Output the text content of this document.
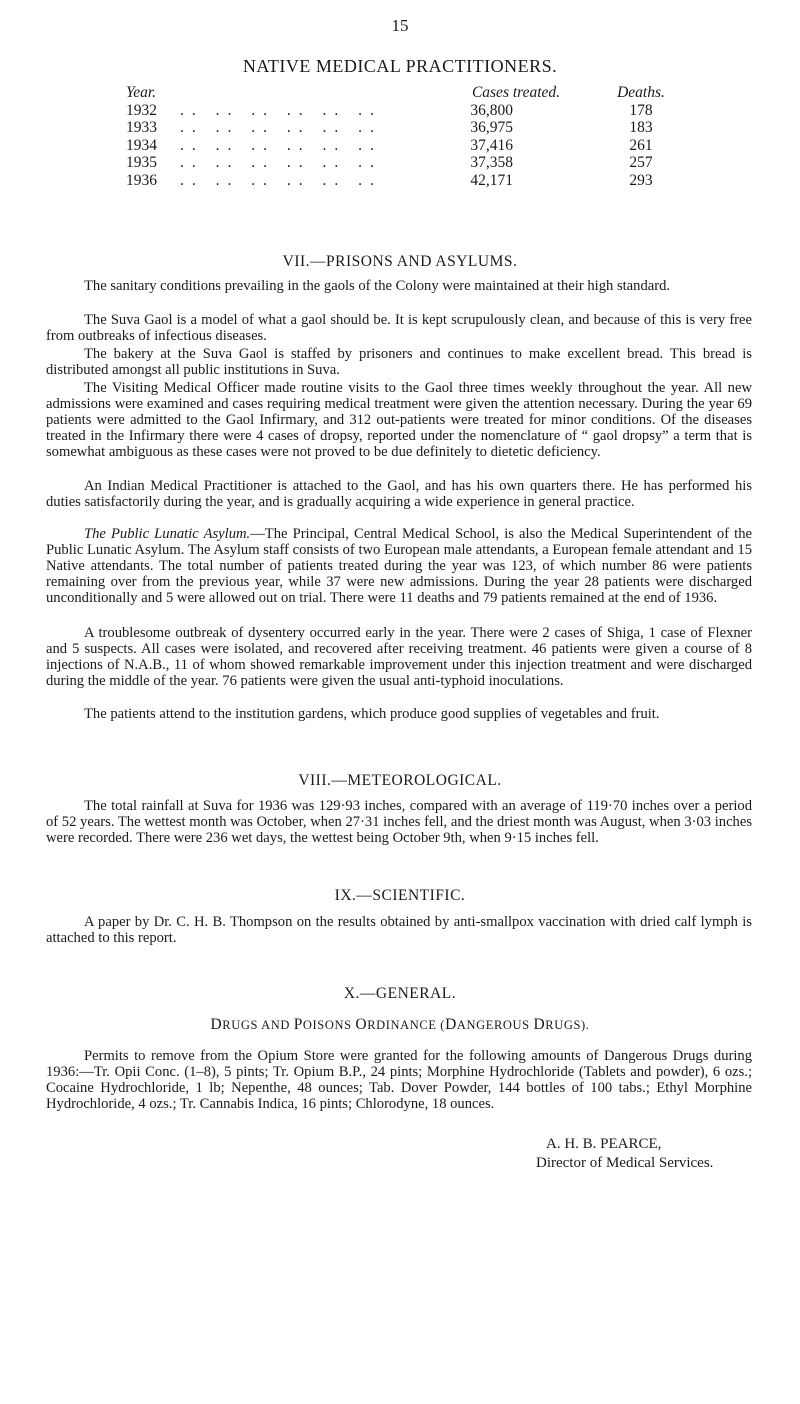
15
NATIVE MEDICAL PRACTITIONERS.
Year.	Cases treated.	Deaths.
1932 .. .. .. .. .. ..	36,800	178
1933 .. .. .. .. .. ..	36,975	183
1934 .. .. .. .. .. ..	37,416	261
1935 .. .. .. .. .. ..	37,358	257
1936 .. .. .. .. .. ..	42,171	293
VII.—PRISONS AND ASYLUMS.

The sanitary conditions prevailing in the gaols of the Colony were maintained at their high standard.

The Suva Gaol is a model of what a gaol should be. It is kept scrupulously clean, and because of this is very free from outbreaks of infectious diseases.

The bakery at the Suva Gaol is staffed by prisoners and continues to make excellent bread. This bread is distributed amongst all public institutions in Suva.

The Visiting Medical Officer made routine visits to the Gaol three times weekly throughout the year. All new admissions were examined and cases requiring medical treatment were given the attention necessary. During the year 69 patients were admitted to the Gaol Infirmary, and 312 out-patients were treated for minor conditions. Of the diseases treated in the Infirmary there were 4 cases of dropsy, reported under the nomenclature of “ gaol dropsy” a term that is somewhat ambiguous as these cases were not proved to be due definitely to dietetic deficiency.

An Indian Medical Practitioner is attached to the Gaol, and has his own quarters there. He has performed his duties satisfactorily during the year, and is gradually acquiring a wide experience in general practice.

The Public Lunatic Asylum.—The Principal, Central Medical School, is also the Medical Superintendent of the Public Lunatic Asylum. The Asylum staff consists of two European male attendants, a European female attendant and 15 Native attendants. The total number of patients treated during the year was 123, of which number 86 were patients remaining over from the previous year, while 37 were new admissions. During the year 28 patients were discharged unconditionally and 5 were allowed out on trial. There were 11 deaths and 79 patients remained at the end of 1936.

A troublesome outbreak of dysentery occurred early in the year. There were 2 cases of Shiga, 1 case of Flexner and 5 suspects. All cases were isolated, and recovered after receiving treatment. 46 patients were given a course of 8 injections of N.A.B., 11 of whom showed remarkable improvement under this injection treatment and were discharged during the middle of the year. 76 patients were given the usual anti-typhoid inoculations.

The patients attend to the institution gardens, which produce good supplies of vegetables and fruit.

VIII.—METEOROLOGICAL.

The total rainfall at Suva for 1936 was 129·93 inches, compared with an average of 119·70 inches over a period of 52 years. The wettest month was October, when 27·31 inches fell, and the driest month was August, when 3·03 inches were recorded. There were 236 wet days, the wettest being October 9th, when 9·15 inches fell.

IX.—SCIENTIFIC.

A paper by Dr. C. H. B. Thompson on the results obtained by anti-smallpox vaccination with dried calf lymph is attached to this report.

X.—GENERAL.
DRUGS AND POISONS ORDINANCE (DANGEROUS DRUGS).

Permits to remove from the Opium Store were granted for the following amounts of Dangerous Drugs during 1936:—Tr. Opii Conc. (1–8), 5 pints; Tr. Opium B.P., 24 pints; Morphine Hydrochloride (Tablets and powder), 6 ozs.; Cocaine Hydrochloride, 1 lb; Nepenthe, 48 ounces; Tab. Dover Powder, 144 bottles of 100 tabs.; Ethyl Morphine Hydrochloride, 4 ozs.; Tr. Cannabis Indica, 16 pints; Chlorodyne, 18 ounces.

A. H. B. PEARCE,
Director of Medical Services.
